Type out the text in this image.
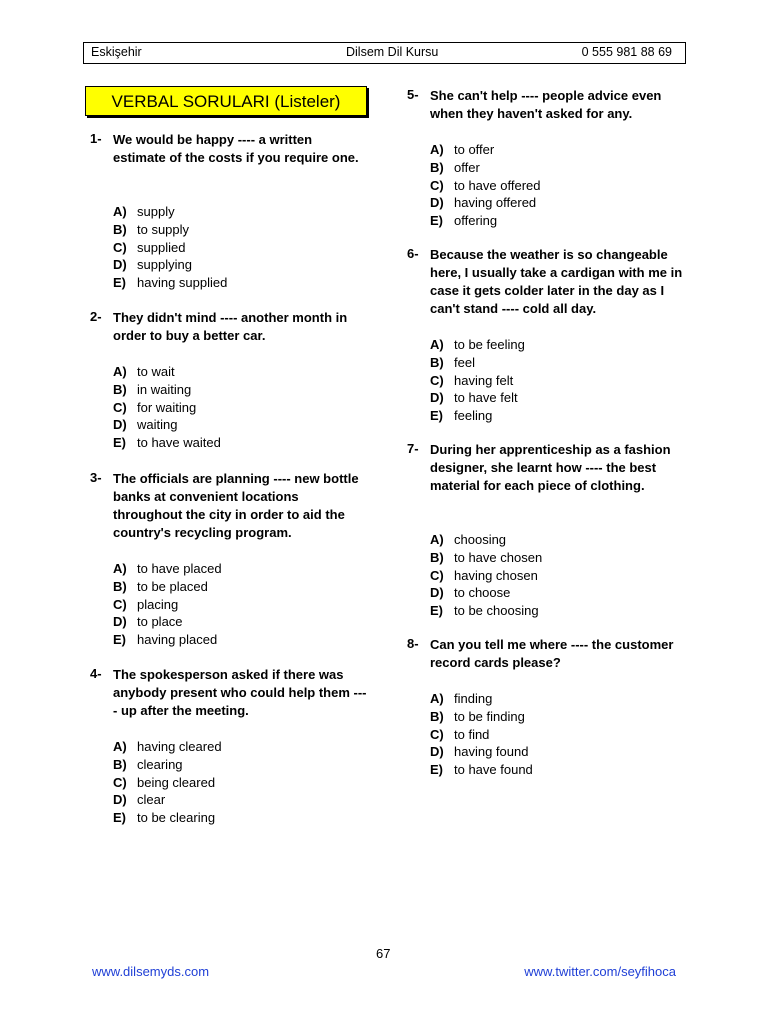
Eskişehir	Dilsem Dil Kursu	0 555 981 88 69
VERBAL SORULARI (Listeler)
1- We would be happy ---- a written estimate of the costs if you require one.
A) supply
B) to supply
C) supplied
D) supplying
E) having supplied
2- They didn't mind ---- another month in order to buy a better car.
A) to wait
B) in waiting
C) for waiting
D) waiting
E) to have waited
3- The officials are planning ---- new bottle banks at convenient locations throughout the city in order to aid the country's recycling program.
A) to have placed
B) to be placed
C) placing
D) to place
E) having placed
4- The spokesperson asked if there was anybody present who could help them ---- up after the meeting.
A) having cleared
B) clearing
C) being cleared
D) clear
E) to be clearing
5- She can't help ---- people advice even when they haven't asked for any.
A) to offer
B) offer
C) to have offered
D) having offered
E) offering
6- Because the weather is so changeable here, I usually take a cardigan with me in case it gets colder later in the day as I can't stand ---- cold all day.
A) to be feeling
B) feel
C) having felt
D) to have felt
E) feeling
7- During her apprenticeship as a fashion designer, she learnt how ---- the best material for each piece of clothing.
A) choosing
B) to have chosen
C) having chosen
D) to choose
E) to be choosing
8- Can you tell me where ---- the customer record cards please?
A) finding
B) to be finding
C) to find
D) having found
E) to have found
67
www.dilsemyds.com	www.twitter.com/seyfihoca
